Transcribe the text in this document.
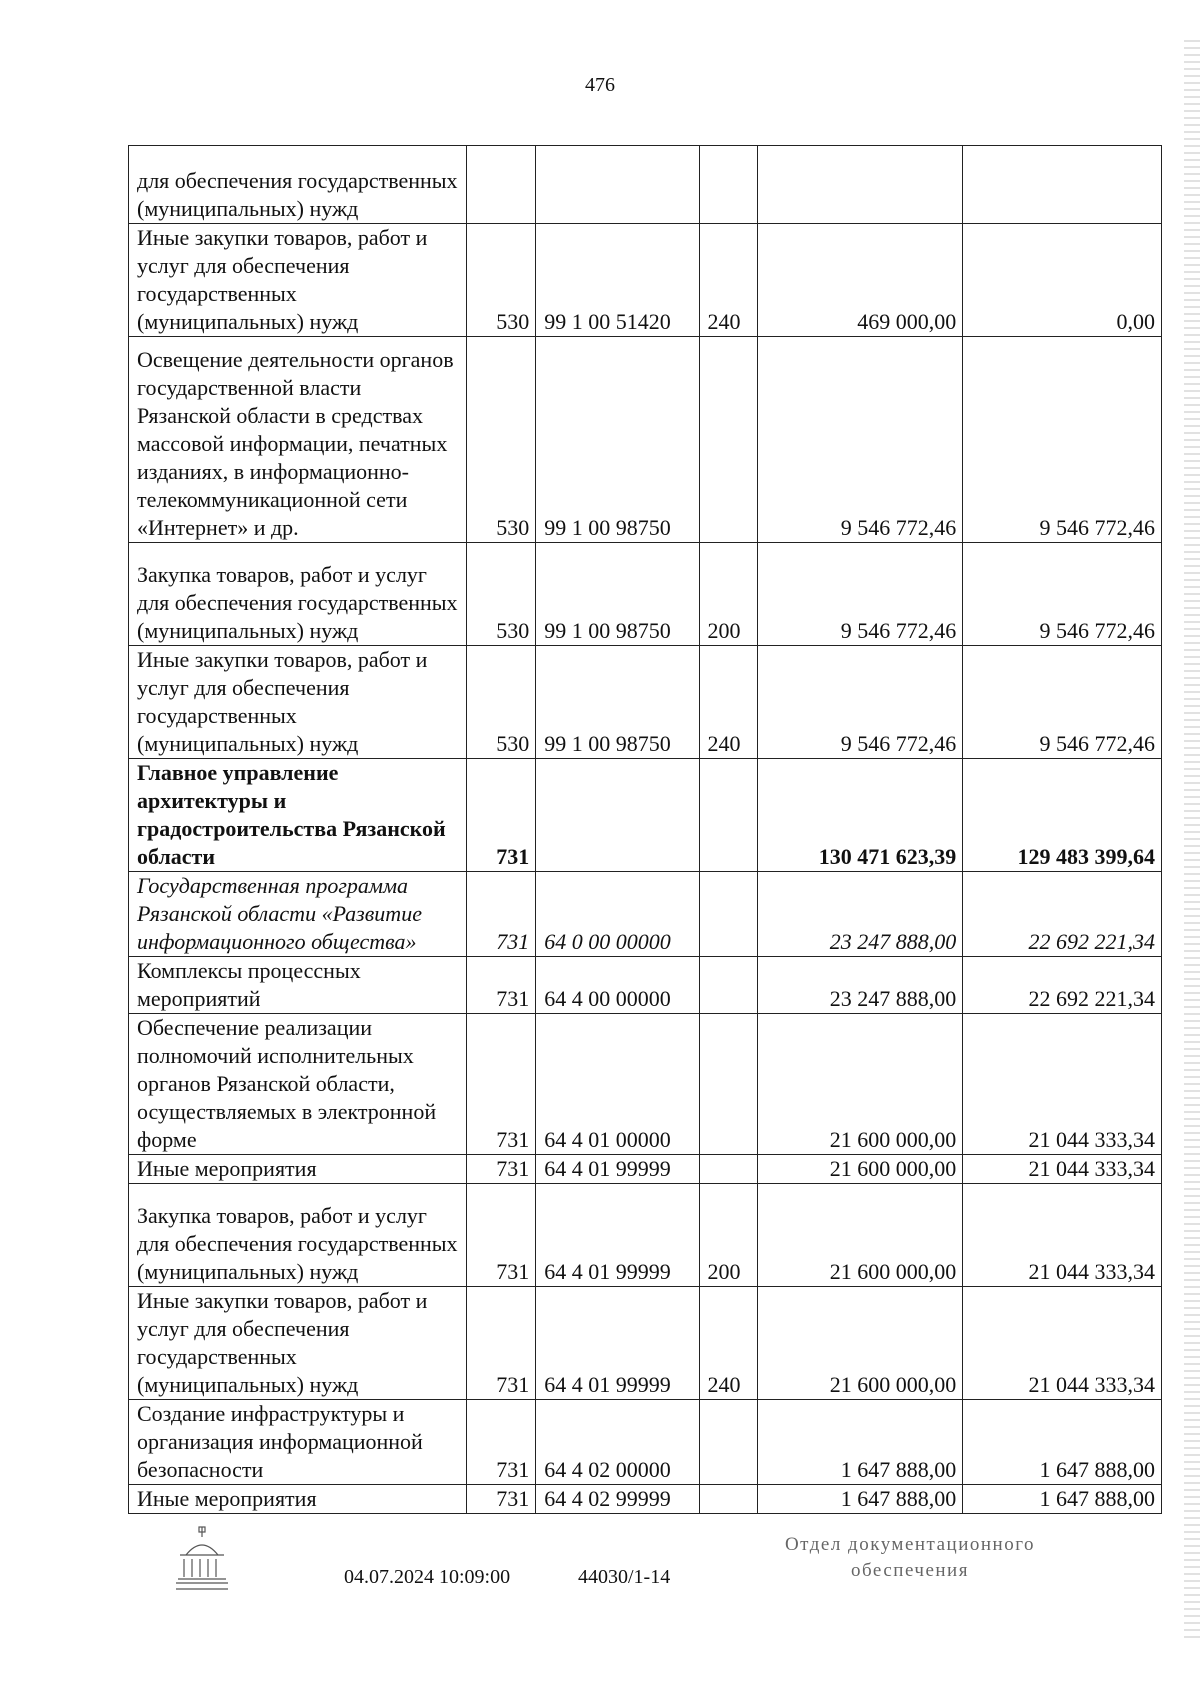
476
для обеспечения государственных (муниципальных) нужд					
Иные закупки товаров, работ и услуг для обеспечения государственных (муниципальных) нужд	530	99 1 00 51420	240	469 000,00	0,00
Освещение деятельности органов государственной власти Рязанской области в средствах массовой информации, печатных изданиях, в информационно-телекоммуникационной сети «Интернет» и др.	530	99 1 00 98750		9 546 772,46	9 546 772,46
Закупка товаров, работ и услуг для обеспечения государственных (муниципальных) нужд	530	99 1 00 98750	200	9 546 772,46	9 546 772,46
Иные закупки товаров, работ и услуг для обеспечения государственных (муниципальных) нужд	530	99 1 00 98750	240	9 546 772,46	9 546 772,46
Главное управление архитектуры и градостроительства Рязанской области	731			130 471 623,39	129 483 399,64
Государственная программа Рязанской области «Развитие информационного общества»	731	64 0 00 00000		23 247 888,00	22 692 221,34
Комплексы процессных мероприятий	731	64 4 00 00000		23 247 888,00	22 692 221,34
Обеспечение реализации полномочий исполнительных органов Рязанской области, осуществляемых в электронной форме	731	64 4 01 00000		21 600 000,00	21 044 333,34
Иные мероприятия	731	64 4 01 99999		21 600 000,00	21 044 333,34
Закупка товаров, работ и услуг для обеспечения государственных (муниципальных) нужд	731	64 4 01 99999	200	21 600 000,00	21 044 333,34
Иные закупки товаров, работ и услуг для обеспечения государственных (муниципальных) нужд	731	64 4 01 99999	240	21 600 000,00	21 044 333,34
Создание инфраструктуры и организация информационной безопасности	731	64 4 02 00000		1 647 888,00	1 647 888,00
Иные мероприятия	731	64 4 02 99999		1 647 888,00	1 647 888,00
04.07.2024 10:09:00	44030/1-14
Отдел документационного
обеспечения
